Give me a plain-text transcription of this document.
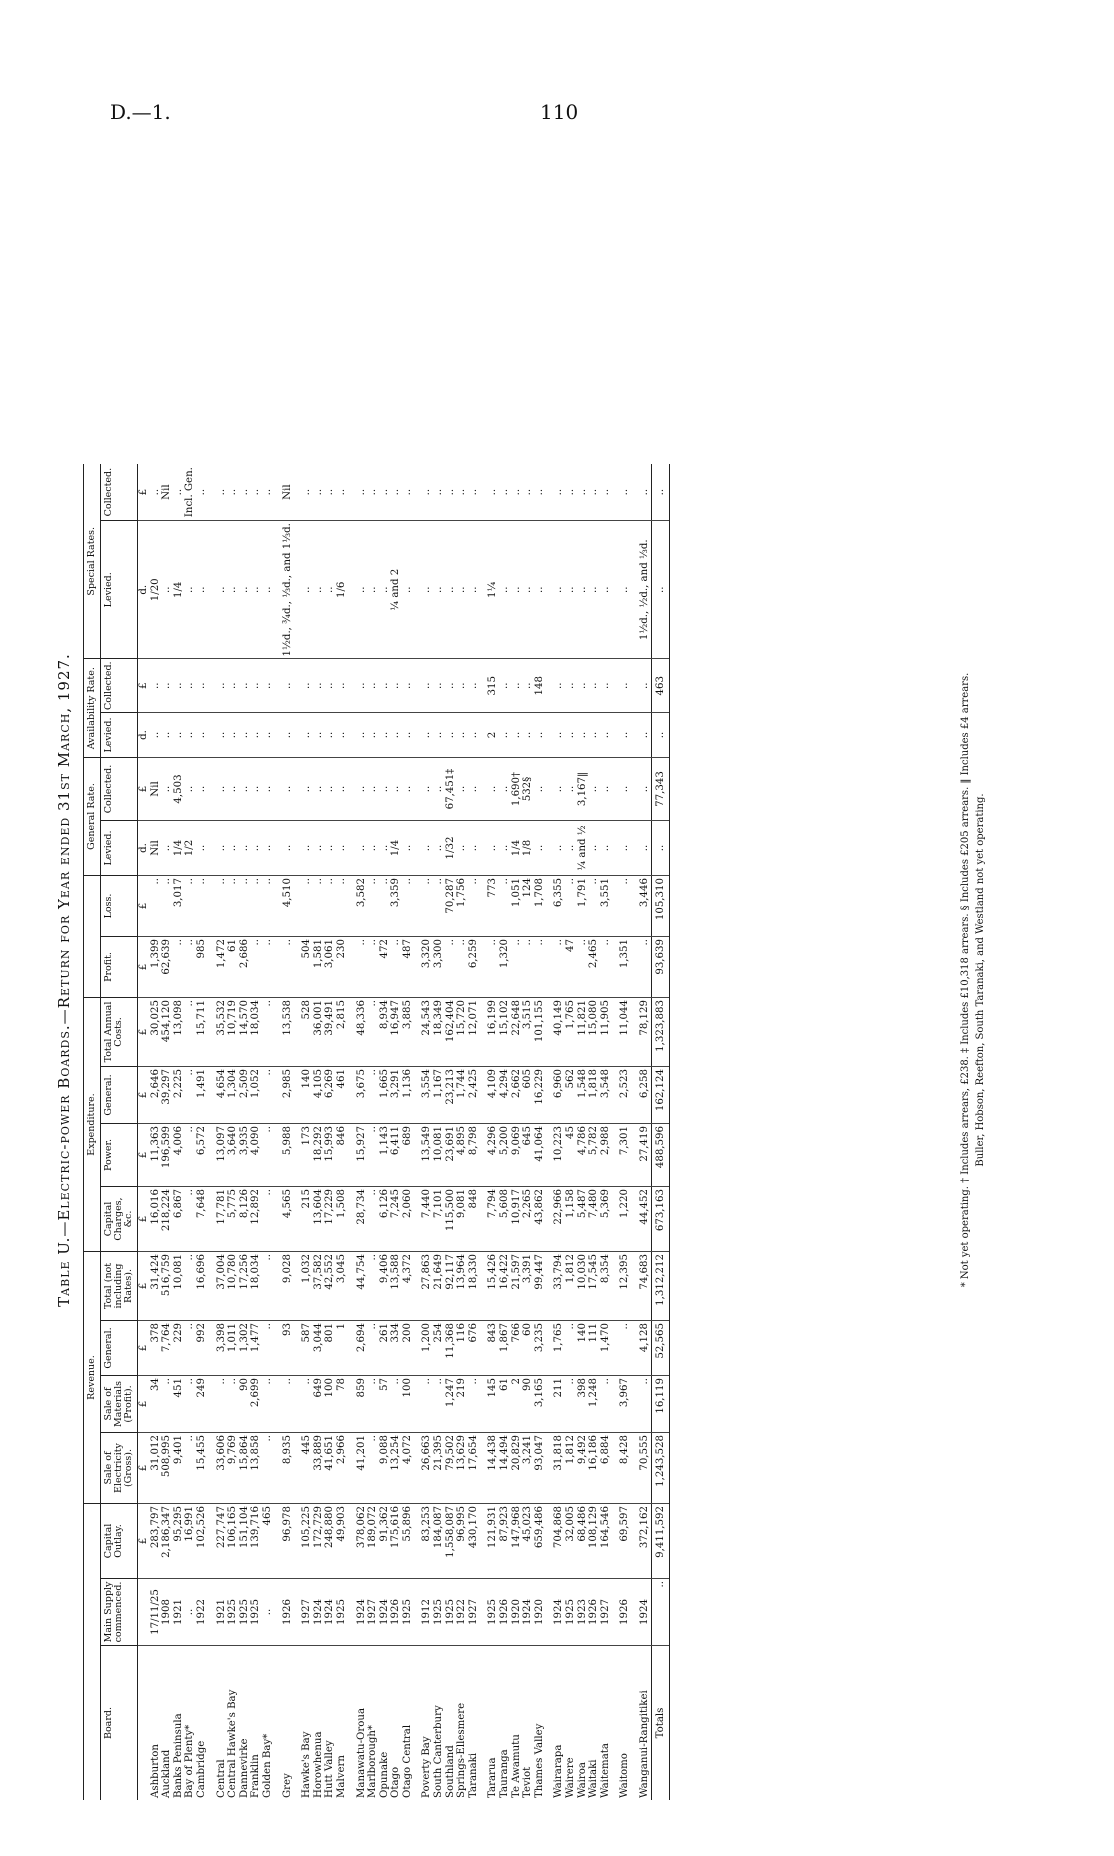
D.—1.	110
Table U.—Electric-power Boards.—Return for Year ended 31st March, 1927.
			Revenue.				Expenditure.						General Rate.		Availability Rate.		Special Rates.	
Board.	Main Supply commenced.	Capital Outlay.	Sale of Electricity (Gross).	Sale of Materials (Profit).	General.	Total (not including Rates).	Capital Charges, &c.	Power.	General.	Total Annual Costs.	Profit.	Loss.	Levied.	Collected.	Levied.	Collected.	Levied.	Collected.
		£	£	£	£	£	£	£	£	£	£	£	d.	£	d.	£	d.	£
Ashburton	17/11/25	283,797	31,012	34	378	31,424	16,016	11,363	2,646	30,025	1,399	..	Nil	Nil	..	..	1/20	..
Auckland	1908	2,186,347	508,995	..	7,764	516,759	218,224	196,599	39,297	454,120	62,639	..	..	..	..	..	..	Nil
Banks Peninsula	1921	95,295	9,401	451	229	10,081	6,867	4,006	2,225	13,098	..	3,017	1/4	4,503	..	..	1/4	..
Bay of Plenty*	..	16,991	..	..	..	..	..	..	..	..	..	..	1/2	..	..	..	..	Incl. Gen.
Cambridge	1922	102,526	15,455	249	992	16,696	7,648	6,572	1,491	15,711	985	..	..	..	..	..	..	..

Central	1921	227,747	33,606	..	3,398	37,004	17,781	13,097	4,654	35,532	1,472	..	..	..	..	..	..	..
Central Hawke's Bay	1925	106,165	9,769	..	1,011	10,780	5,775	3,640	1,304	10,719	61	..	..	..	..	..	..	..
Dannevirke	1925	151,104	15,864	90	1,302	17,256	8,126	3,935	2,509	14,570	2,686	..	..	..	..	..	..	..
Franklin	1925	139,716	13,858	2,699	1,477	18,034	12,892	4,090	1,052	18,034	..	..	..	..	..	..	..	..
Golden Bay*	..	465	..	..	..	..	..	..	..	..	..	..	..	..	..	..	..	..

Grey	1926	96,978	8,935	..	93	9,028	4,565	5,988	2,985	13,538	..	4,510	..	..	..	..	1½d., ¾d., ⅓d., and 1⅓d.	Nil

Hawke's Bay	1927	105,225	445	..	587	1,032	215	173	140	528	504	..	..	..	..	..	..	..
Horowhenua	1924	172,729	33,889	649	3,044	37,582	13,604	18,292	4,105	36,001	1,581	..	..	..	..	..	..	..
Hutt Valley	1924	248,880	41,651	100	801	42,552	17,229	15,993	6,269	39,491	3,061	..	..	..	..	..	..	..
Malvern	1925	49,903	2,966	78	1	3,045	1,508	846	461	2,815	230	..	..	..	..	..	1/6	..

Manawatu-Oroua	1924	378,062	41,201	859	2,694	44,754	28,734	15,927	3,675	48,336	..	3,582	..	..	..	..	..	..
Marlborough*	1927	189,072	..	..	..	..	..	..	..	..	..	..	..	..	..	..	..	..
Opunake	1924	91,362	9,088	57	261	9,406	6,126	1,143	1,665	8,934	472	..	..	..	..	..	..	..
Otago	1926	175,616	13,254	..	334	13,588	7,245	6,411	3,291	16,947	..	3,359	1/4	..	..	..	¼ and 2	..
Otago Central	1925	55,896	4,072	100	200	4,372	2,060	689	1,136	3,885	487	..	..	..	..	..	..	..

Poverty Bay	1912	83,253	26,663	..	1,200	27,863	7,440	13,549	3,554	24,543	3,320	..	..	..	..	..	..	..
South Canterbury	1925	184,087	21,395	..	254	21,649	7,101	10,081	1,167	18,349	3,300	..	..	..	..	..	..	..
Southland	1925	1,558,087	79,502	1,247	11,368	92,117	115,500	23,691	23,213	162,404	..	70,287	1/32	67,451‡	..	..	..	..
Springs-Ellesmere	1922	96,995	13,629	219	116	13,964	9,081	4,895	1,744	15,720	..	1,756	..	..	..	..	..	..
Taranaki	1927	430,170	17,654	..	676	18,330	848	8,798	2,425	12,071	6,259	..	..	..	..	..	..	..

Tararua	1925	121,931	14,438	145	843	15,426	7,794	4,296	4,109	16,199	..	773	..	..	2	315	1¼	..
Tauranga	1926	87,923	14,494	61	1,867	16,422	5,608	5,200	4,294	15,102	1,320	..	..	..	..	..	..	..
Te Awamutu	1920	147,968	20,829	2	766	21,597	10,917	9,069	2,662	22,648	..	1,051	1/4	1,690†	..	..	..	..
Teviot	1924	45,023	3,241	90	60	3,391	2,265	645	605	3,515	..	124	1/8	532§	..	..	..	..
Thames Valley	1920	659,486	93,047	3,165	3,235	99,447	43,862	41,064	16,229	101,155	..	1,708	..	..	..	148	..	..

Wairarapa	1924	704,868	31,818	211	1,765	33,794	22,966	10,223	6,960	40,149	..	6,355	..	..	..	..	..	..
Wairere	1925	32,005	1,812	..	..	1,812	1,158	45	562	1,765	47	..	..	..	..	..	..	..
Wairoa	1923	68,486	9,492	398	140	10,030	5,487	4,786	1,548	11,821	..	1,791	¼ and ½	3,167‖	..	..	..	..
Waitaki	1926	108,129	16,186	1,248	111	17,545	7,480	5,782	1,818	15,080	2,465	..	..	..	..	..	..	..
Waitemata	1927	164,546	6,884	..	1,470	8,354	5,369	2,988	3,548	11,905	..	3,551	..	..	..	..	..	..

Waitomo	1926	69,597	8,428	3,967	..	12,395	1,220	7,301	2,523	11,044	1,351	..	..	..	..	..	..	..

Wanganui-Rangitikei	1924	372,162	70,555	..	4,128	74,683	44,452	27,419	6,258	78,129	..	3,446	..	..	..	..	1½d., ½d., and ⅓d.	..
Totals	..	9,411,592	1,243,528	16,119	52,565	1,312,212	673,163	488,596	162,124	1,323,883	93,639	105,310	..	77,343	..	463	..	..
* Not yet operating. † Includes arrears, £238. ‡ Includes £10,318 arrears. § Includes £205 arrears. ‖ Includes £4 arrears. Buller, Hobson, Reefton, South Taranaki, and Westland not yet operating.
